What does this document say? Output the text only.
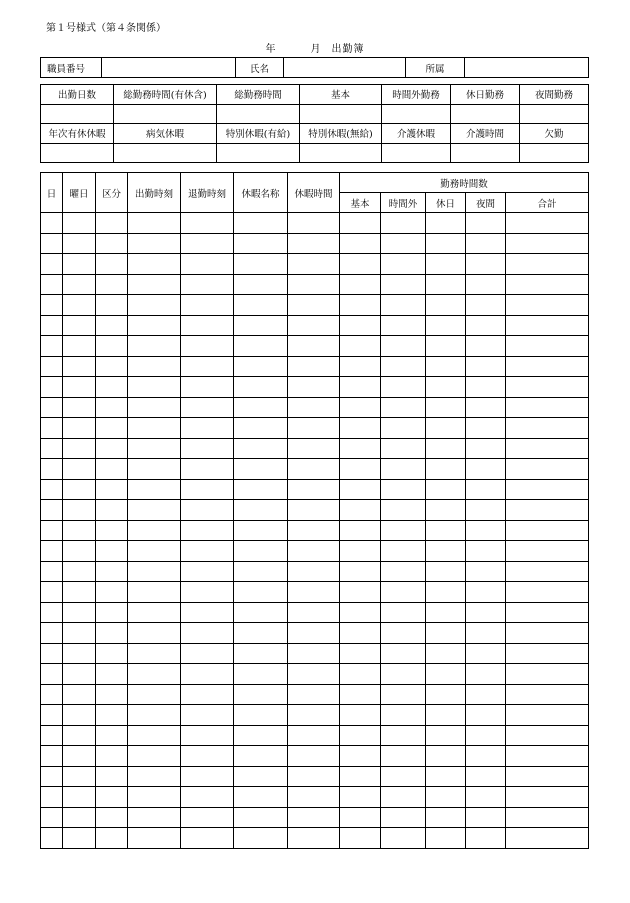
第１号様式（第４条関係）
年	月 出勤簿
職員番号		氏名		所属	
出勤日数	総勤務時間(有休含)	総勤務時間	基本	時間外勤務	休日勤務	夜間勤務

年次有休休暇	病気休暇	特別休暇(有給)	特別休暇(無給)	介護休暇	介護時間	欠勤

日	曜日	区分	出勤時刻	退勤時刻	休暇名称	休暇時間	勤務時間数				
							基本	時間外	休日	夜間	合計
